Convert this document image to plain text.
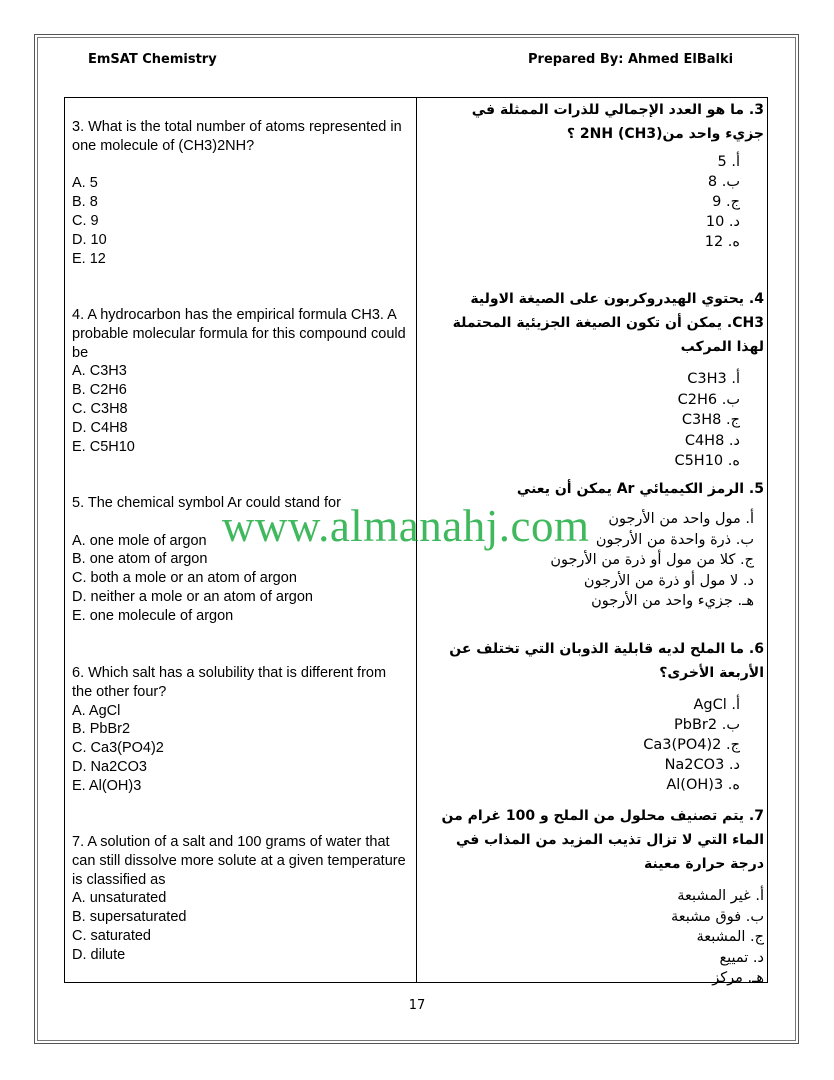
EmSAT Chemistry	Prepared By: Ahmed ElBalki
3. What is the total number of atoms represented in one molecule of (CH3)2NH?
A. 5
B. 8
C. 9
D. 10
E. 12
4. A hydrocarbon has the empirical formula CH3. A probable molecular formula for this compound could be
A. C3H3
B. C2H6
C. C3H8
D. C4H8
E. C5H10
5. The chemical symbol Ar could stand for
A. one mole of argon
B. one atom of argon
C. both a mole or an atom of argon
D. neither a mole or an atom of argon
E. one molecule of argon
6. Which salt has a solubility that is different from the other four?
A. AgCl
B. PbBr2
C. Ca3(PO4)2
D. Na2CO3
E. Al(OH)3
7. A solution of a salt and 100 grams of water that can still dissolve more solute at a given temperature is classified as
A. unsaturated
B. supersaturated
C. saturated
D. dilute
3. ما هو العدد الإجمالي للذرات الممثلة في جزيء واحد من(CH3) 2NH ؟
أ. 5
ب. 8
ج. 9
د. 10
ه. 12
4. يحتوي الهيدروكربون على الصيغة الاولية CH3. يمكن أن تكون الصيغة الجزيئية المحتملة لهذا المركب
أ. C3H3
ب. C2H6
ج. C3H8
د. C4H8
ه. C5H10
5. الرمز الكيميائي Ar يمكن أن يعني
أ. مول واحد من الأرجون
ب. ذرة واحدة من الأرجون
ج. كلا من مول أو ذرة من الأرجون
د. لا مول أو ذرة من الأرجون
هـ. جزيء واحد من الأرجون
6. ما الملح لديه قابلية الذوبان التي تختلف عن الأربعة الأخرى؟
أ. AgCl
ب. PbBr2
ج. Ca3(PO4)2
د. Na2CO3
ه. Al(OH)3
7. يتم تصنيف محلول من الملح و 100 غرام من الماء التي لا تزال تذيب المزيد من المذاب في درجة حرارة معينة
أ. غير المشبعة
ب. فوق مشبعة
ج. المشبعة
د. تمييع
هـ. مركز
www.almanahj.com
17
